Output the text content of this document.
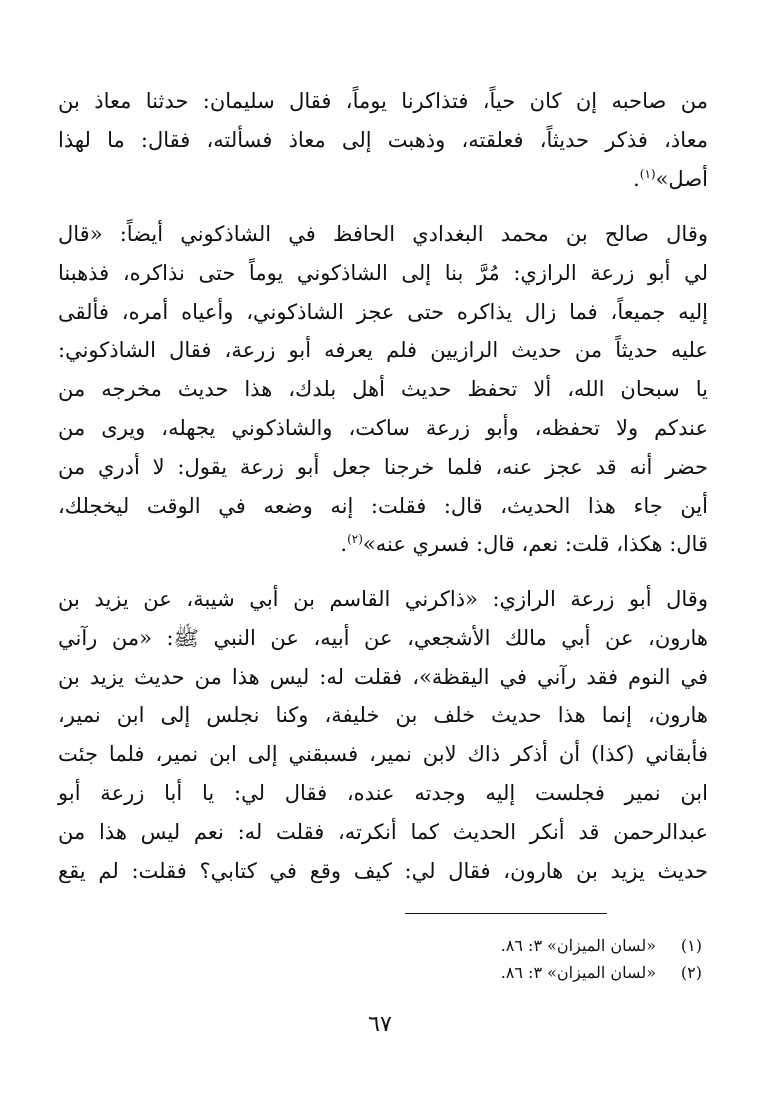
من صاحبه إن كان حياً، فتذاكرنا يوماً، فقال سليمان: حدثنا معاذ بن
معاذ، فذكر حديثاً، فعلقته، وذهبت إلى معاذ فسألته، فقال: ما لهذا
أصل»$^{(١)}$.
وقال صالح بن محمد البغدادي الحافظ في الشاذكوني أيضاً: «قال
لي أبو زرعة الرازي: مُرَّ بنا إلى الشاذكوني يوماً حتى نذاكره، فذهبنا
إليه جميعاً، فما زال يذاكره حتى عجز الشاذكوني، وأعياه أمره، فألقى
عليه حديثاً من حديث الرازيين فلم يعرفه أبو زرعة، فقال الشاذكوني:
يا سبحان الله، ألا تحفظ حديث أهل بلدك، هذا حديث مخرجه من
عندكم ولا تحفظه، وأبو زرعة ساكت، والشاذكوني يجهله، ويرى من
حضر أنه قد عجز عنه، فلما خرجنا جعل أبو زرعة يقول: لا أدري من
أين جاء هذا الحديث، قال: فقلت: إنه وضعه في الوقت ليخجلك،
قال: هكذا، قلت: نعم، قال: فسري عنه»$^{(٢)}$.
وقال أبو زرعة الرازي: «ذاكرني القاسم بن أبي شيبة، عن يزيد بن
هارون، عن أبي مالك الأشجعي، عن أبيه، عن النبي ﷺ: «من رآني
في النوم فقد رآني في اليقظة»، فقلت له: ليس هذا من حديث يزيد بن
هارون، إنما هذا حديث خلف بن خليفة، وكنا نجلس إلى ابن نمير،
فأبقاني (كذا) أن أذكر ذاك لابن نمير، فسبقني إلى ابن نمير، فلما جئت
ابن نمير فجلست إليه وجدته عنده، فقال لي: يا أبا زرعة أبو
عبدالرحمن قد أنكر الحديث كما أنكرته، فقلت له: نعم ليس هذا من
حديث يزيد بن هارون، فقال لي: كيف وقع في كتابي؟ فقلت: لم يقع
(١)«لسان الميزان» ٣: ٨٦.
(٢)«لسان الميزان» ٣: ٨٦.
٦٧
